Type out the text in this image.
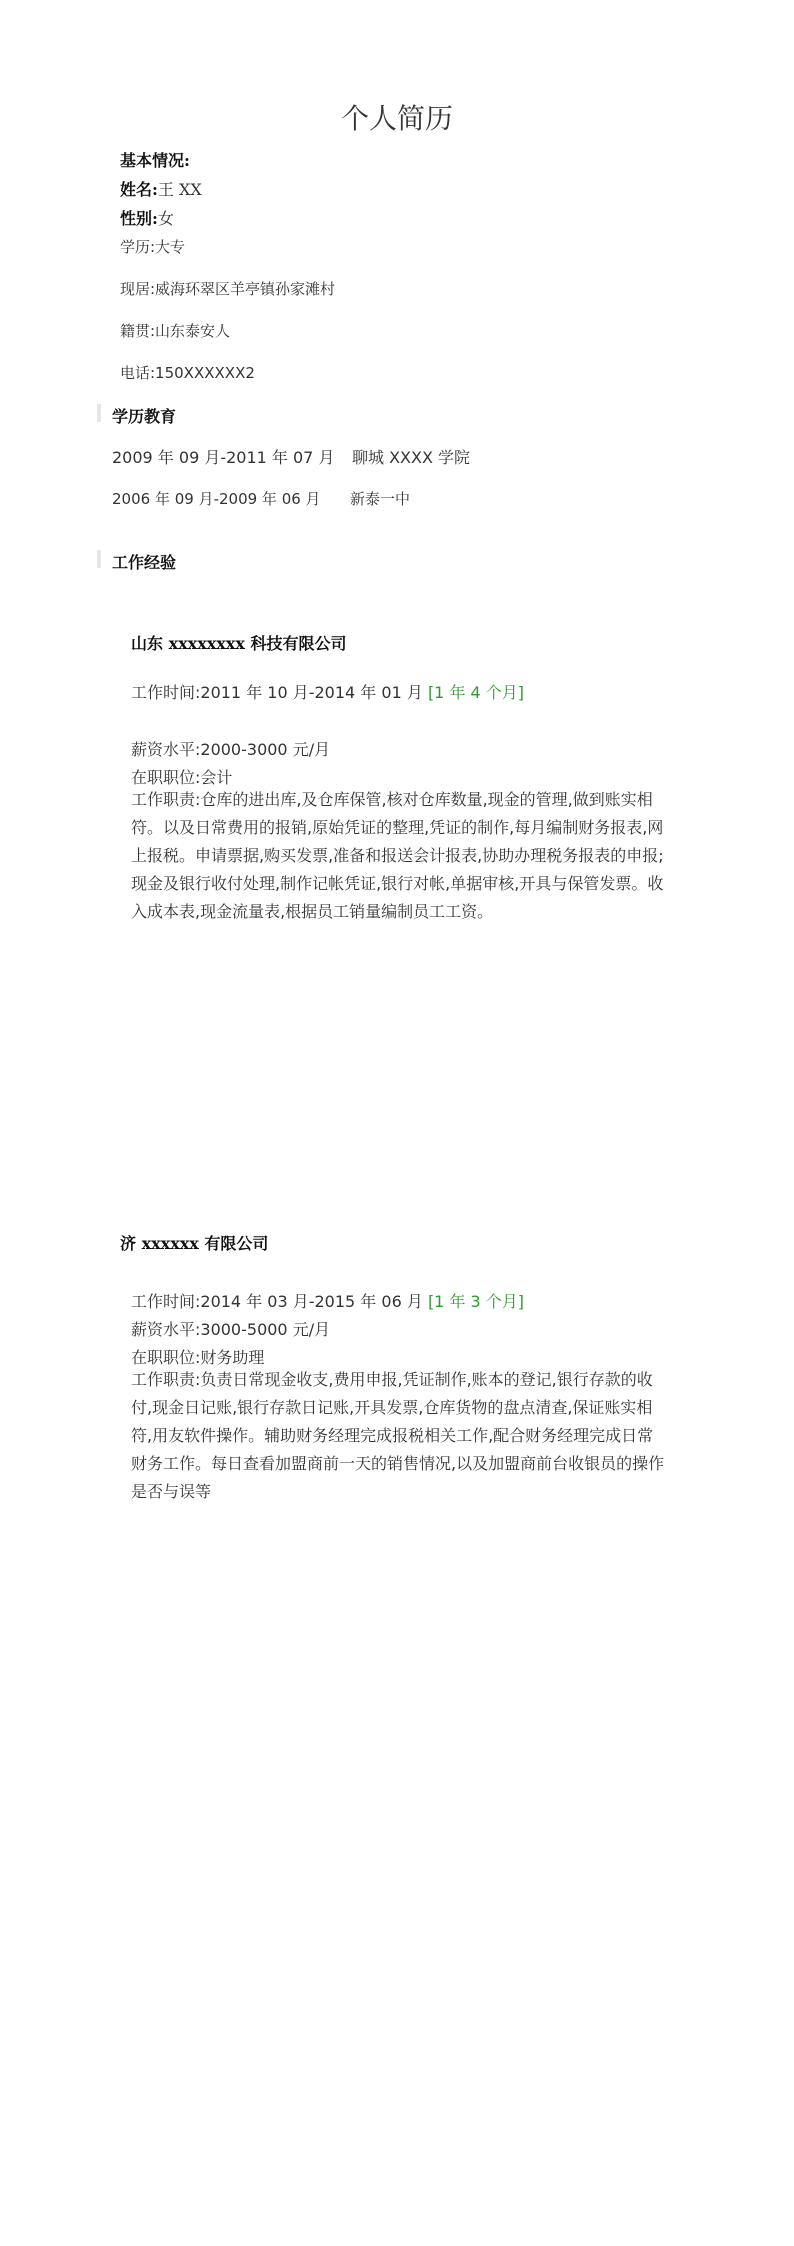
个人简历
基本情况:
姓名:王 XX
性别:女
学历:大专
现居:威海环翠区羊亭镇孙家滩村
籍贯:山东泰安人
电话:150XXXXXX2
学历教育
2009 年 09 月-2011 年 07 月 聊城 XXXX 学院
2006 年 09 月-2009 年 06 月 新泰一中
工作经验
山东 xxxxxxxx 科技有限公司
工作时间:2011 年 10 月-2014 年 01 月 [1 年 4 个月]
薪资水平:2000-3000 元/月
在职职位:会计
工作职责:仓库的进出库,及仓库保管,核对仓库数量,现金的管理,做到账实相符。以及日常费用的报销,原始凭证的整理,凭证的制作,每月编制财务报表,网上报税。申请票据,购买发票,准备和报送会计报表,协助办理税务报表的申报;现金及银行收付处理,制作记帐凭证,银行对帐,单据审核,开具与保管发票。收入成本表,现金流量表,根据员工销量编制员工工资。
济 xxxxxx 有限公司
工作时间:2014 年 03 月-2015 年 06 月 [1 年 3 个月]
薪资水平:3000-5000 元/月
在职职位:财务助理
工作职责:负责日常现金收支,费用申报,凭证制作,账本的登记,银行存款的收付,现金日记账,银行存款日记账,开具发票,仓库货物的盘点清查,保证账实相符,用友软件操作。辅助财务经理完成报税相关工作,配合财务经理完成日常财务工作。每日查看加盟商前一天的销售情况,以及加盟商前台收银员的操作是否与误等
